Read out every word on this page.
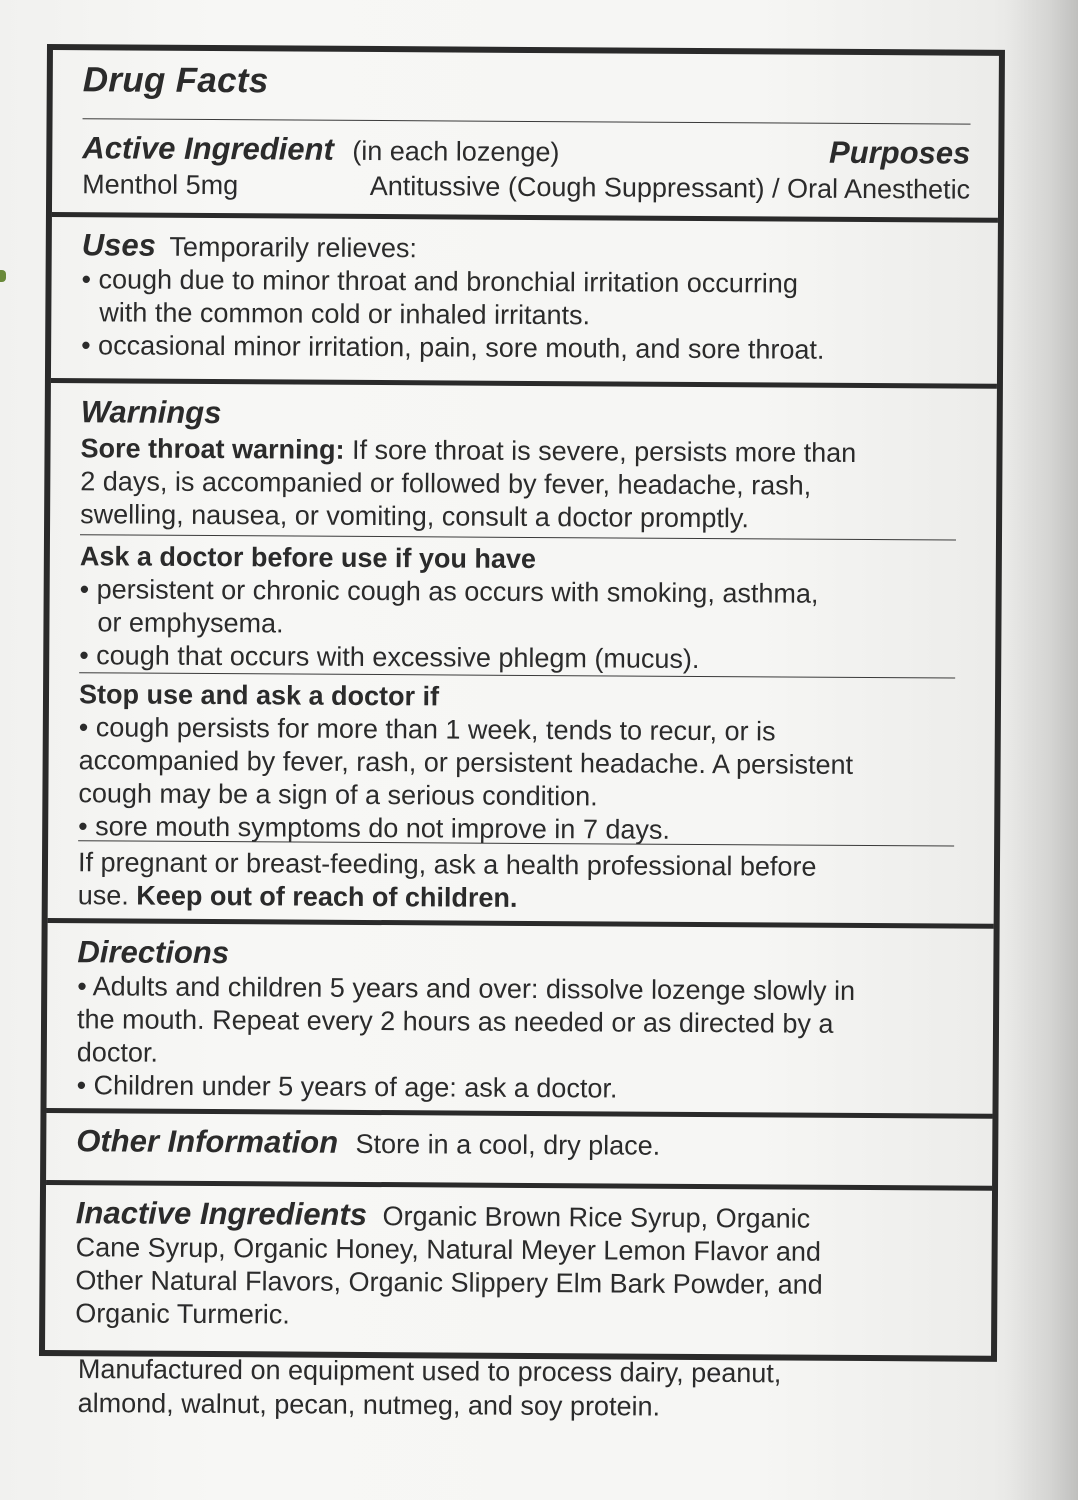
Drug Facts
Active Ingredient (in each lozenge)	Purposes
Menthol 5mg	Antitussive (Cough Suppressant) / Oral Anesthetic
Uses Temporarily relieves:
• cough due to minor throat and bronchial irritation occurring
with the common cold or inhaled irritants.
• occasional minor irritation, pain, sore mouth, and sore throat.
Warnings
Sore throat warning: If sore throat is severe, persists more than
2 days, is accompanied or followed by fever, headache, rash,
swelling, nausea, or vomiting, consult a doctor promptly.
Ask a doctor before use if you have
• persistent or chronic cough as occurs with smoking, asthma,
or emphysema.
• cough that occurs with excessive phlegm (mucus).
Stop use and ask a doctor if
• cough persists for more than 1 week, tends to recur, or is
accompanied by fever, rash, or persistent headache. A persistent
cough may be a sign of a serious condition.
• sore mouth symptoms do not improve in 7 days.
If pregnant or breast-feeding, ask a health professional before
use. Keep out of reach of children.
Directions
• Adults and children 5 years and over: dissolve lozenge slowly in
the mouth. Repeat every 2 hours as needed or as directed by a
doctor.
• Children under 5 years of age: ask a doctor.
Other Information Store in a cool, dry place.
Inactive Ingredients Organic Brown Rice Syrup, Organic
Cane Syrup, Organic Honey, Natural Meyer Lemon Flavor and
Other Natural Flavors, Organic Slippery Elm Bark Powder, and
Organic Turmeric.
Manufactured on equipment used to process dairy, peanut,
almond, walnut, pecan, nutmeg, and soy protein.
